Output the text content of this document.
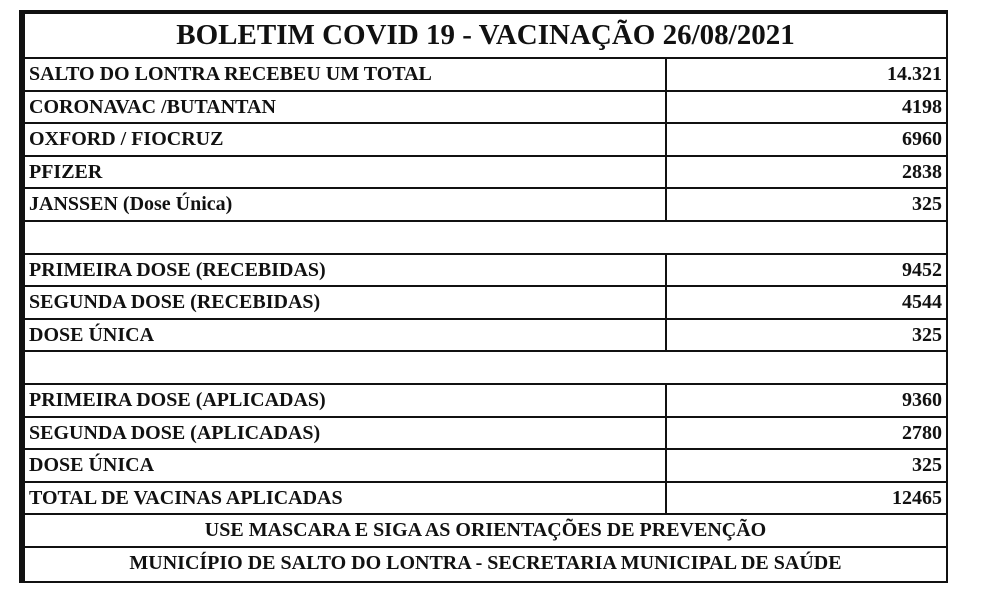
BOLETIM COVID 19 - VACINAÇÃO 26/08/2021
SALTO DO LONTRA RECEBEU UM TOTAL	14.321
CORONAVAC /BUTANTAN	4198
OXFORD / FIOCRUZ	6960
PFIZER	2838
JANSSEN (Dose Única)	325
PRIMEIRA DOSE (RECEBIDAS)	9452
SEGUNDA DOSE (RECEBIDAS)	4544
DOSE ÚNICA	325
PRIMEIRA DOSE (APLICADAS)	9360
SEGUNDA DOSE (APLICADAS)	2780
DOSE ÚNICA	325
TOTAL DE VACINAS APLICADAS	12465
USE MASCARA E SIGA AS ORIENTAÇÕES DE PREVENÇÃO
MUNICÍPIO DE SALTO DO LONTRA - SECRETARIA MUNICIPAL DE SAÚDE
